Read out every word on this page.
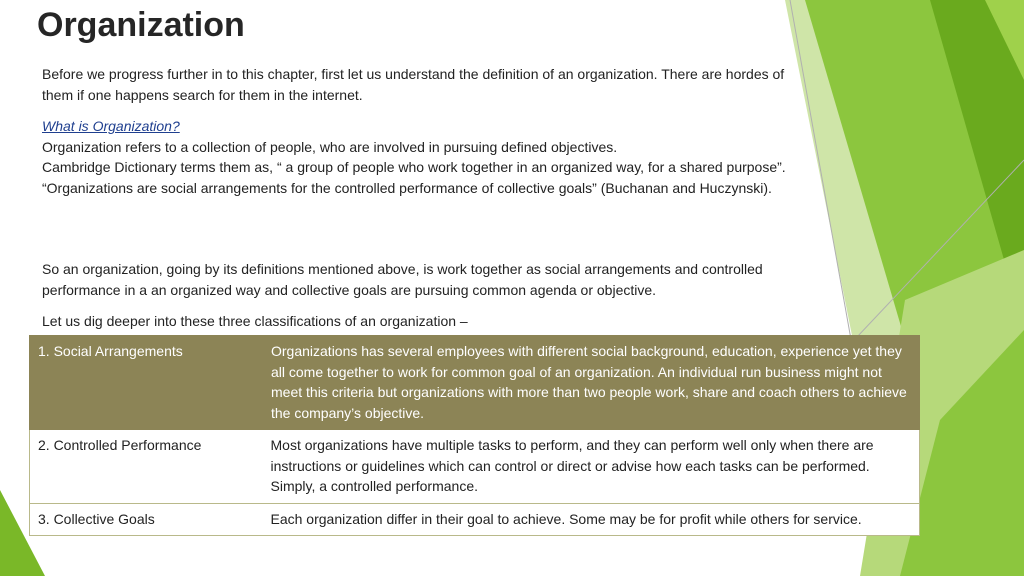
Organization

Before we progress further in to this chapter, first let us understand the definition of an organization. There are hordes of them if one happens search for them in the internet.

What is Organization?

Organization refers to a collection of people, who are involved in pursuing defined objectives.

Cambridge Dictionary terms them as, “ a group of people who work together in an organized way, for a shared purpose”.

“Organizations are social arrangements for the controlled performance of collective goals” (Buchanan and Huczynski).

So an organization, going by its definitions mentioned above, is work together as social arrangements and controlled performance in a an organized way and collective goals are pursuing common agenda or objective.

Let us dig deeper into these three classifications of an organization –

1. Social Arrangements	Organizations has several employees with different social background, education, experience yet they all come together to work for common goal of an organization. An individual run business might not meet this criteria but organizations with more than two people work, share and coach others to achieve the company’s objective.
2. Controlled Performance	Most organizations have multiple tasks to perform, and they can perform well only when there are instructions or guidelines which can control or direct or advise how each tasks can be performed. Simply, a controlled performance.
3. Collective Goals	Each organization differ in their goal to achieve. Some may be for profit while others for service.
